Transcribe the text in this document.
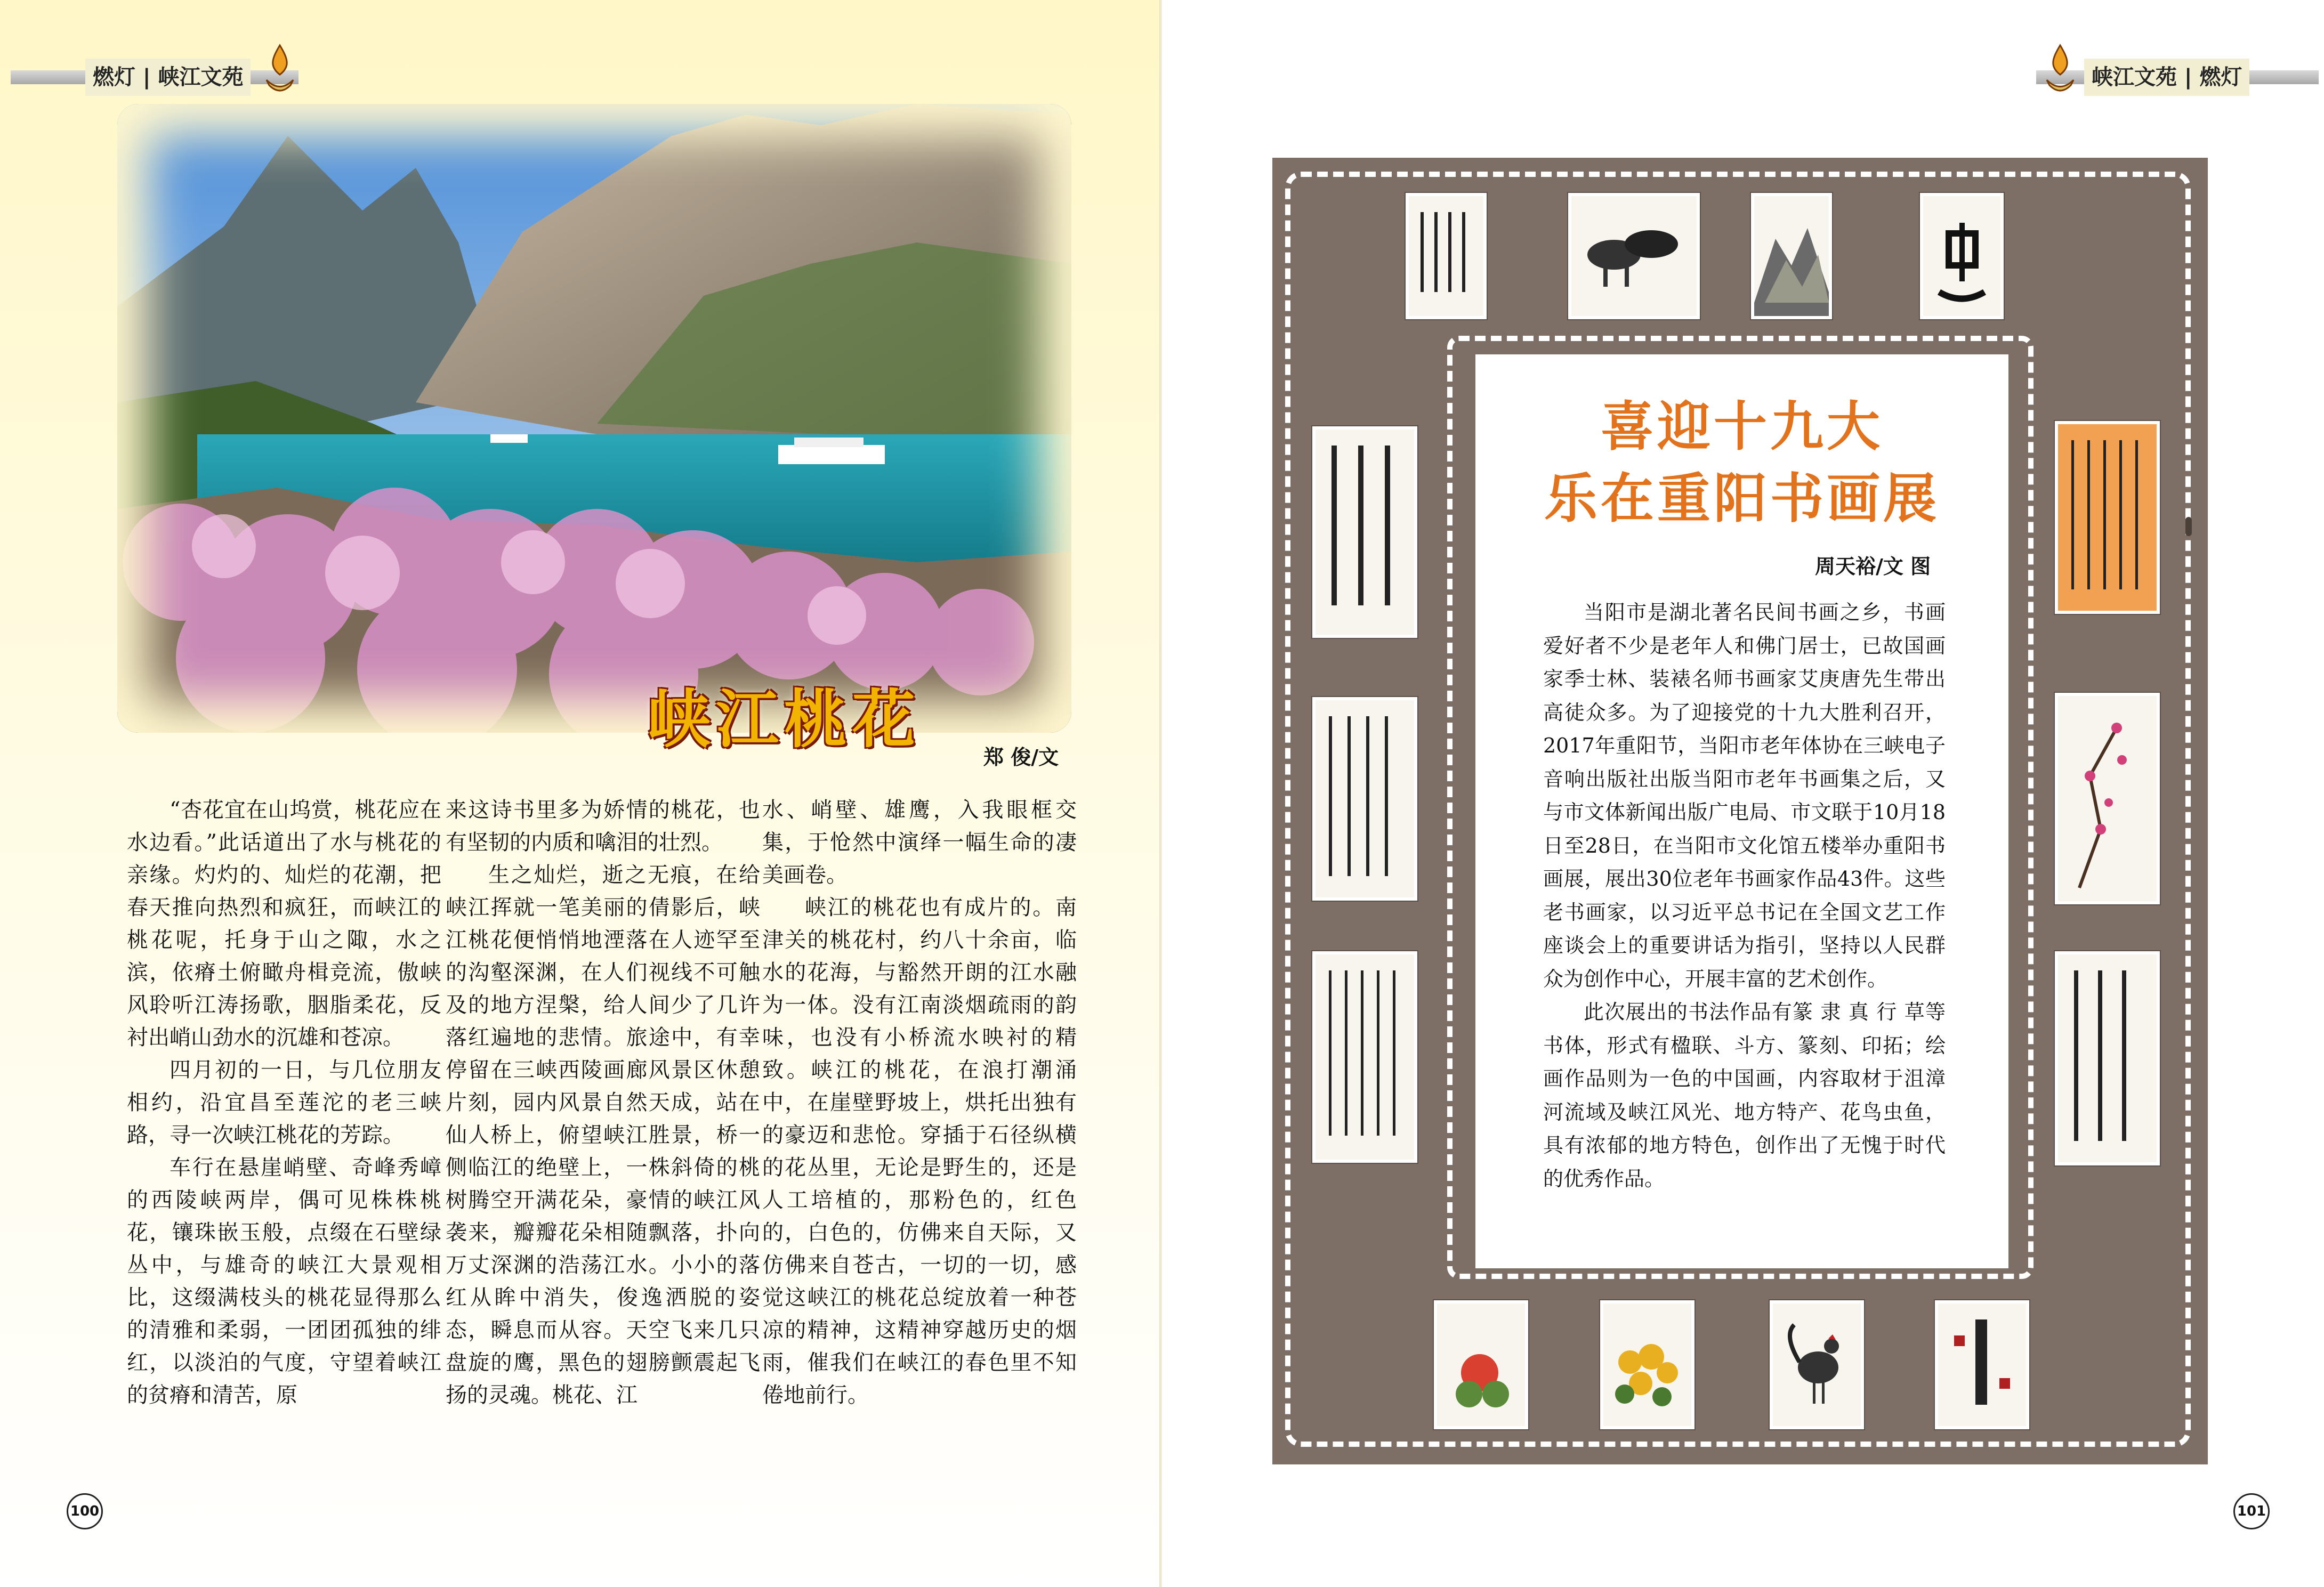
燃灯 | 峡江文苑
峡江桃花
郑 俊/文

“杏花宜在山坞赏，桃花应在水边看。”此话道出了水与桃花的亲缘。灼灼的、灿烂的花潮，把春天推向热烈和疯狂，而峡江的桃花呢，托身于山之陬，水之滨，依瘠土俯瞰舟楫竞流，傲峡风聆听江涛扬歌，胭脂柔花，反衬出峭山劲水的沉雄和苍凉。

四月初的一日，与几位朋友相约，沿宜昌至莲沱的老三峡路，寻一次峡江桃花的芳踪。

车行在悬崖峭壁、奇峰秀嶂的西陵峡两岸，偶可见株株桃花，镶珠嵌玉般，点缀在石壁绿丛中，与雄奇的峡江大景观相比，这缀满枝头的桃花显得那么的清雅和柔弱，一团团孤独的绯红，以淡泊的气度，守望着峡江的贫瘠和清苦，原

来这诗书里多为娇情的桃花，也有坚韧的内质和噙泪的壮烈。

生之灿烂，逝之无痕，在给峡江挥就一笔美丽的倩影后，峡江桃花便悄悄地湮落在人迹罕至的沟壑深渊，在人们视线不可触及的地方涅槃，给人间少了几许落红遍地的悲情。旅途中，有幸停留在三峡西陵画廊风景区休憩片刻，园内风景自然天成，站在仙人桥上，俯望峡江胜景，桥一侧临江的绝壁上，一株斜倚的桃树腾空开满花朵，豪情的峡江风袭来，瓣瓣花朵相随飘落，扑向万丈深渊的浩荡江水。小小的落红从眸中消失，俊逸洒脱的姿态，瞬息而从容。天空飞来几只盘旋的鹰，黑色的翅膀颤震起飞扬的灵魂。桃花、江

水、峭壁、雄鹰，入我眼框交集，于怆然中演绎一幅生命的凄美画卷。

峡江的桃花也有成片的。南津关的桃花村，约八十余亩，临水的花海，与豁然开朗的江水融为一体。没有江南淡烟疏雨的韵味，也没有小桥流水映衬的精致。峡江的桃花，在浪打潮涌中，在崖壁野坡上，烘托出独有的豪迈和悲怆。穿插于石径纵横的花丛里，无论是野生的，还是人工培植的，那粉色的，红色的，白色的，仿佛来自天际，又仿佛来自苍古，一切的一切，感觉这峡江的桃花总绽放着一种苍凉的精神，这精神穿越历史的烟雨，催我们在峡江的春色里不知倦地前行。

100
峡江文苑 | 燃灯
喜迎十九大
乐在重阳书画展
周天裕/文 图

当阳市是湖北著名民间书画之乡，书画爱好者不少是老年人和佛门居士，已故国画家季士林、装裱名师书画家艾庚唐先生带出高徒众多。为了迎接党的十九大胜利召开，2017年重阳节，当阳市老年体协在三峡电子音响出版社出版当阳市老年书画集之后，又与市文体新闻出版广电局、市文联于10月18日至28日，在当阳市文化馆五楼举办重阳书画展，展出30位老年书画家作品43件。这些老书画家，以习近平总书记在全国文艺工作座谈会上的重要讲话为指引，坚持以人民群众为创作中心，开展丰富的艺术创作。

此次展出的书法作品有篆 隶 真 行 草等书体，形式有楹联、斗方、篆刻、印拓；绘画作品则为一色的中国画，内容取材于沮漳河流域及峡江风光、地方特产、花鸟虫鱼，具有浓郁的地方特色，创作出了无愧于时代的优秀作品。

101
